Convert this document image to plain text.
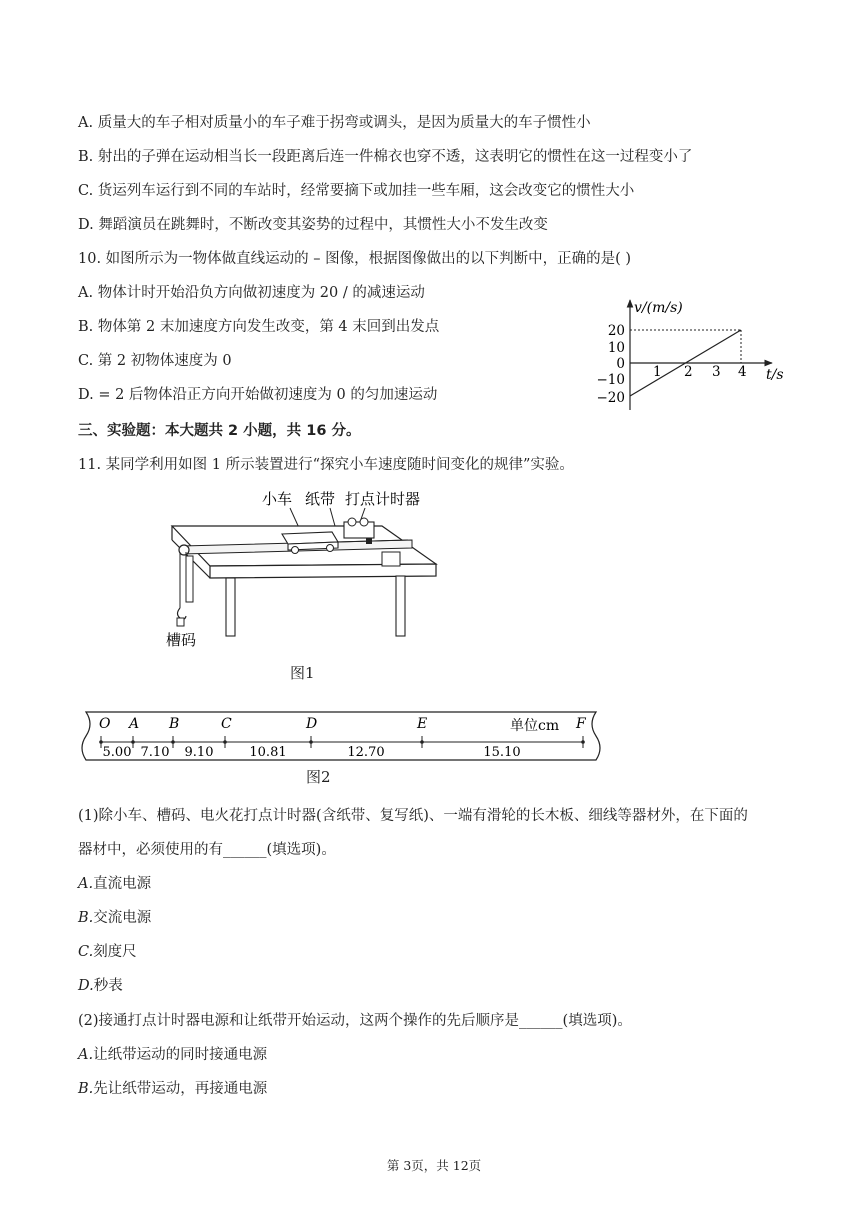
A. 质量大的车子相对质量小的车子难于拐弯或调头，是因为质量大的车子惯性小
B. 射出的子弹在运动相当长一段距离后连一件棉衣也穿不透，这表明它的惯性在这一过程变小了
C. 货运列车运行到不同的车站时，经常要摘下或加挂一些车厢，这会改变它的惯性大小
D. 舞蹈演员在跳舞时，不断改变其姿势的过程中，其惯性大小不发生改变
10. 如图所示为一物体做直线运动的 – 图像，根据图像做出的以下判断中，正确的是( )
A. 物体计时开始沿负方向做初速度为 20 / 的减速运动
B. 物体第 2 末加速度方向发生改变，第 4 末回到出发点
C. 第 2 初物体速度为 0
D. = 2 后物体沿正方向开始做初速度为 0 的匀加速运动
v/(m/s)
t/s
20
10
0
−10
−20
1 2 3 4
三、实验题：本大题共 2 小题，共 16 分。
11. 某同学利用如图 1 所示装置进行“探究小车速度随时间变化的规律”实验。
小车 纸带 打点计时器
槽码
图1
O A B	C	D	E	F
单位cm
5.00 7.10 9.10	10.81	12.70	15.10
图2
(1)除小车、槽码、电火花打点计时器(含纸带、复写纸)、一端有滑轮的长木板、细线等器材外，在下面的
器材中，必须使用的有______(填选项)。
A.直流电源
B.交流电源
C.刻度尺
D.秒表
(2)接通打点计时器电源和让纸带开始运动，这两个操作的先后顺序是______(填选项)。
A.让纸带运动的同时接通电源
B.先让纸带运动，再接通电源
第 3页，共 12页
